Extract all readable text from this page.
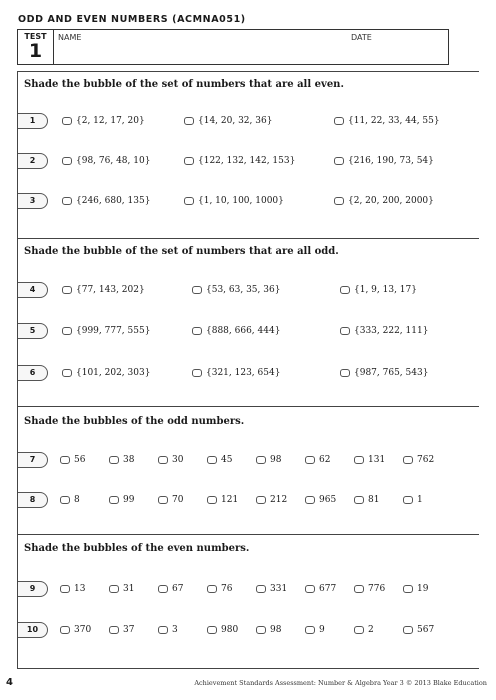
ODD AND EVEN NUMBERS (ACMNA051)
TEST
1
NAME	DATE
Shade the bubble of the set of numbers that are all even.
1	{2, 12, 17, 20}	{14, 20, 32, 36}	{11, 22, 33, 44, 55}
2	{98, 76, 48, 10}	{122, 132, 142, 153}	{216, 190, 73, 54}
3	{246, 680, 135}	{1, 10, 100, 1000}	{2, 20, 200, 2000}
Shade the bubble of the set of numbers that are all odd.
4	{77, 143, 202}	{53, 63, 35, 36}	{1, 9, 13, 17}
5	{999, 777, 555}	{888, 666, 444}	{333, 222, 111}
6	{101, 202, 303}	{321, 123, 654}	{987, 765, 543}
Shade the bubbles of the odd numbers.
7	56	38	30	45	98	62	131	762
8	8	99	70	121	212	965	81	1
Shade the bubbles of the even numbers.
9	13	31	67	76	331	677	776	19
10	370	37	3	980	98	9	2	567
4	Achievement Standards Assessment: Number & Algebra Year 3 © 2013 Blake Education
